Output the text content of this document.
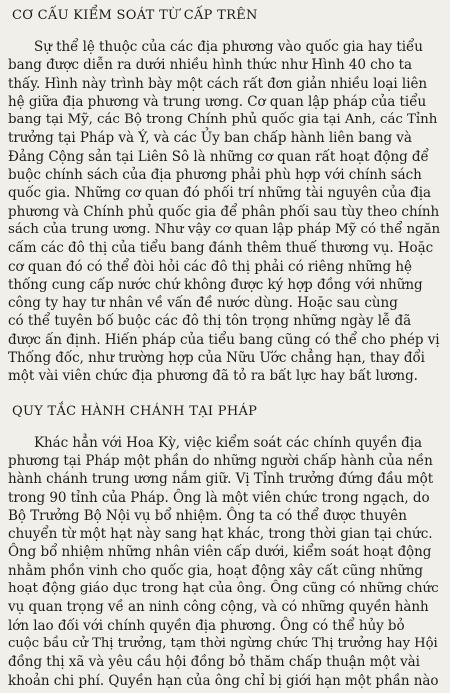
CƠ CẤU KIỂM SOÁT TỪ CẤP TRÊN
Sự thể lệ thuộc của các địa phương vào quốc gia hay tiểu
bang được diễn ra dưới nhiều hình thức như Hình 40 cho ta
thấy. Hình này trình bày một cách rất đơn giản nhiều loại liên
hệ giữa địa phương và trung ương. Cơ quan lập pháp của tiểu
bang tại Mỹ, các Bộ trong Chính phủ quốc gia tại Anh, các Tỉnh
trưởng tại Pháp và Ý, và các Ủy ban chấp hành liên bang và
Đảng Cộng sản tại Liên Sô là những cơ quan rất hoạt động để
buộc chính sách của địa phương phải phù hợp với chính sách
quốc gia. Những cơ quan đó phối trí những tài nguyên của địa
phương và Chính phủ quốc gia để phân phối sau tùy theo chính
sách của trung ương. Như vậy cơ quan lập pháp Mỹ có thể ngăn
cấm các đô thị của tiểu bang đánh thêm thuế thương vụ. Hoặc
cơ quan đó có thể đòi hỏi các đô thị phải có riêng những hệ
thống cung cấp nước chứ không được ký hợp đồng với những
công ty hay tư nhân về vấn đề nước dùng. Hoặc sau cùng
có thể tuyên bố buộc các đô thị tôn trọng những ngày lễ đã
được ấn định. Hiến pháp của tiểu bang cũng có thể cho phép vị
Thống đốc, như trường hợp của Nữu Ước chẳng hạn, thay đổi
một vài viên chức địa phương đã tỏ ra bất lực hay bất lương.
QUY TẮC HÀNH CHÁNH TẠI PHÁP
Khác hẳn với Hoa Kỳ, việc kiểm soát các chính quyền địa
phương tại Pháp một phần do những người chấp hành của nền
hành chánh trung ương nắm giữ. Vị Tỉnh trưởng đứng đầu một
trong 90 tỉnh của Pháp. Ông là một viên chức trong ngạch, do
Bộ Trưởng Bộ Nội vụ bổ nhiệm. Ông ta có thể được thuyên
chuyển từ một hạt này sang hạt khác, trong thời gian tại chức.
Ông bổ nhiệm những nhân viên cấp dưới, kiểm soát hoạt động
nhằm phồn vinh cho quốc gia, hoạt động xây cất cũng những
hoạt động giáo dục trong hạt của ông. Ông cũng có những chức
vụ quan trọng về an ninh công cộng, và có những quyền hành
lớn lao đối với chính quyền địa phương. Ông có thể hủy bỏ
cuộc bầu cử Thị trưởng, tạm thời ngừng chức Thị trưởng hay Hội
đồng thị xã và yêu cầu hội đồng bỏ thăm chấp thuận một vài
khoản chi phí. Quyền hạn của ông chỉ bị giới hạn một phần nào
